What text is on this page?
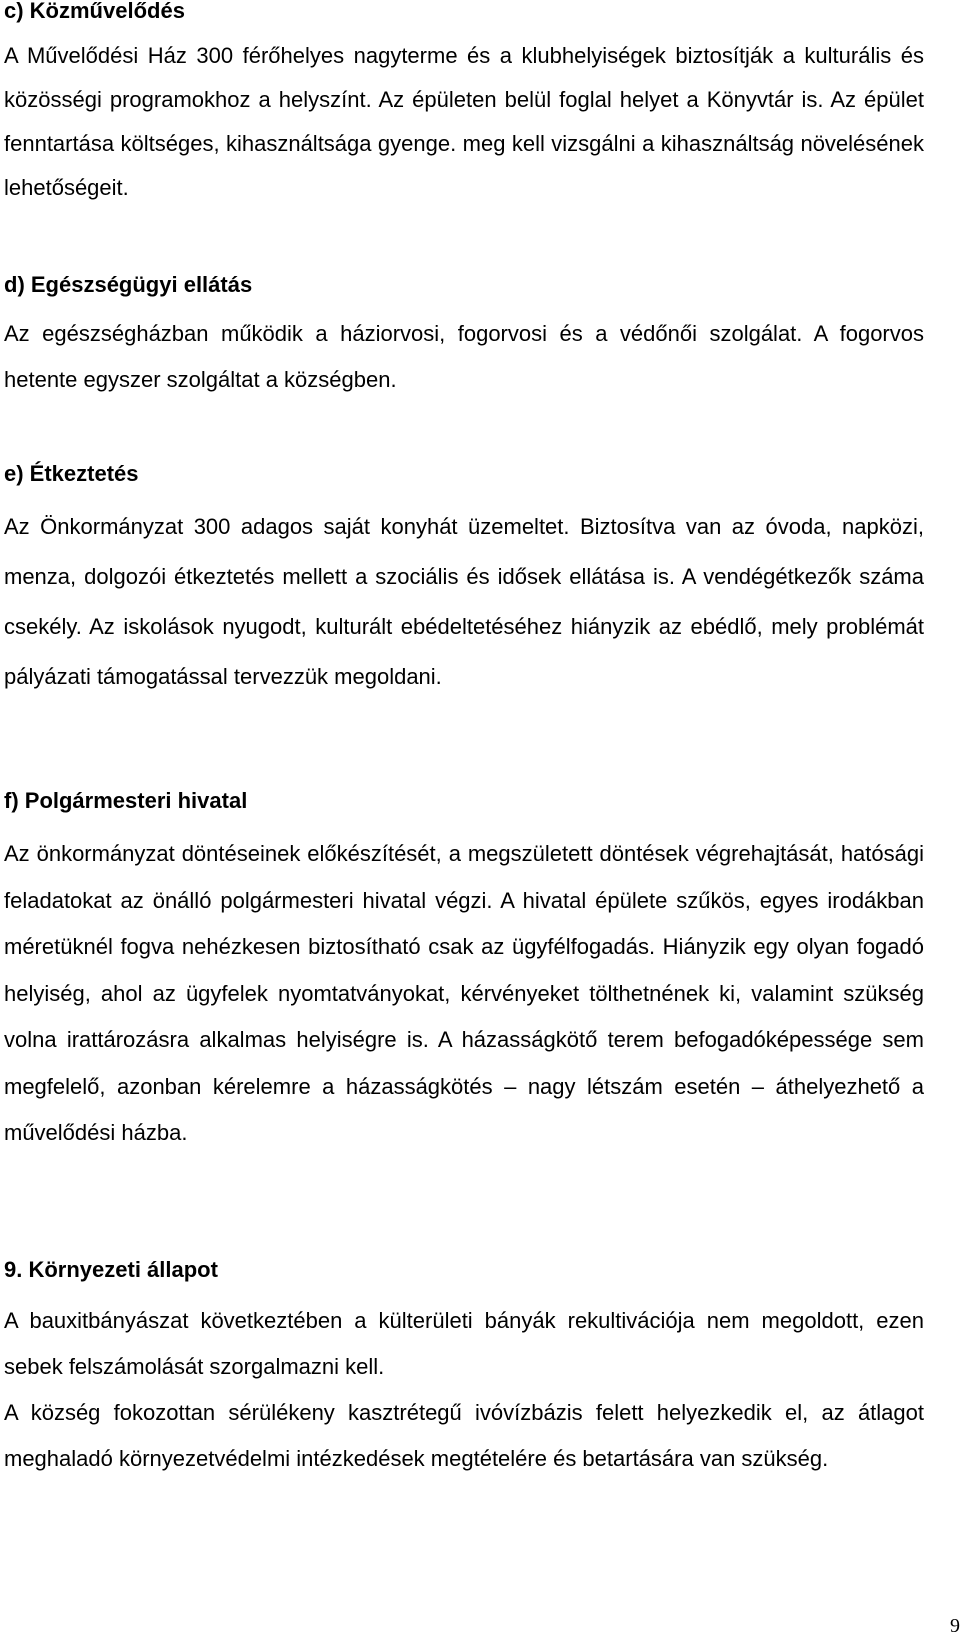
c) Közművelődés

A Művelődési Ház 300 férőhelyes nagyterme és a klubhelyiségek biztosítják a kulturális és közösségi programokhoz a helyszínt. Az épületen belül foglal helyet a Könyvtár is. Az épület fenntartása költséges, kihasználtsága gyenge. meg kell vizsgálni a kihasználtság növelésének lehetőségeit.

d) Egészségügyi ellátás

Az egészségházban működik a háziorvosi, fogorvosi és a védőnői szolgálat. A fogorvos hetente egyszer szolgáltat a községben.

e) Étkeztetés

Az Önkormányzat 300 adagos saját konyhát üzemeltet. Biztosítva van az óvoda, napközi, menza, dolgozói étkeztetés mellett a szociális és idősek ellátása is. A vendégétkezők száma csekély. Az iskolások nyugodt, kulturált ebédeltetéséhez hiányzik az ebédlő, mely problémát pályázati támogatással tervezzük megoldani.

f) Polgármesteri hivatal

Az önkormányzat döntéseinek előkészítését, a megszületett döntések végrehajtását, hatósági feladatokat az önálló polgármesteri hivatal végzi. A hivatal épülete szűkös, egyes irodákban méretüknél fogva nehézkesen biztosítható csak az ügyfélfogadás. Hiányzik egy olyan fogadó helyiség, ahol az ügyfelek nyomtatványokat, kérvényeket tölthetnének ki, valamint szükség volna irattározásra alkalmas helyiségre is. A házasságkötő terem befogadóképessége sem megfelelő, azonban kérelemre a házasságkötés – nagy létszám esetén – áthelyezhető a művelődési házba.

9. Környezeti állapot

A bauxitbányászat következtében a külterületi bányák rekultivációja nem megoldott, ezen sebek felszámolását szorgalmazni kell.

A község fokozottan sérülékeny kasztrétegű ivóvízbázis felett helyezkedik el, az átlagot meghaladó környezetvédelmi intézkedések megtételére és betartására van szükség.

9
